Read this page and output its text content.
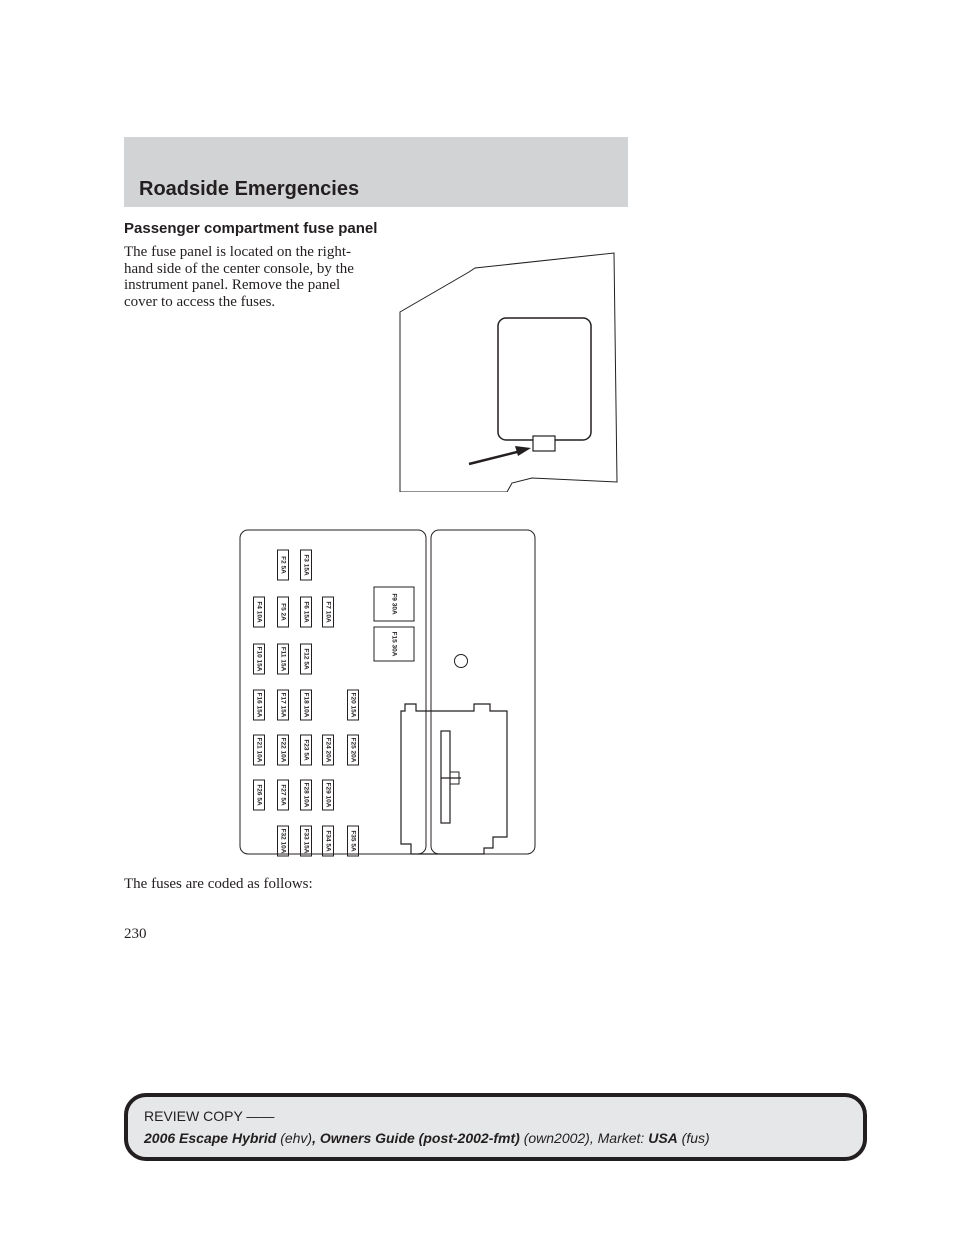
Roadside Emergencies
Passenger compartment fuse panel

The fuse panel is located on the right-hand side of the center console, by the instrument panel. Remove the panel cover to access the fuses.

F2 5A F3 15A
F4 10A	F5 2A F6 15A F7 10A	F9 30A
F15 30A
F10 15A	F11 15A F12 5A
F16 15A	F17 15A F18 10A	F20 15A
F21 10A	F22 10A F23 5A F24 20A	F25 20A
F26 5A	F27 5A F28 10A F29 10A
F32 10A F33 15A F34 5A	F35 5A

The fuses are coded as follows:

230

REVIEW COPY ——
2006 Escape Hybrid (ehv), Owners Guide (post-2002-fmt) (own2002), Market: USA (fus)
